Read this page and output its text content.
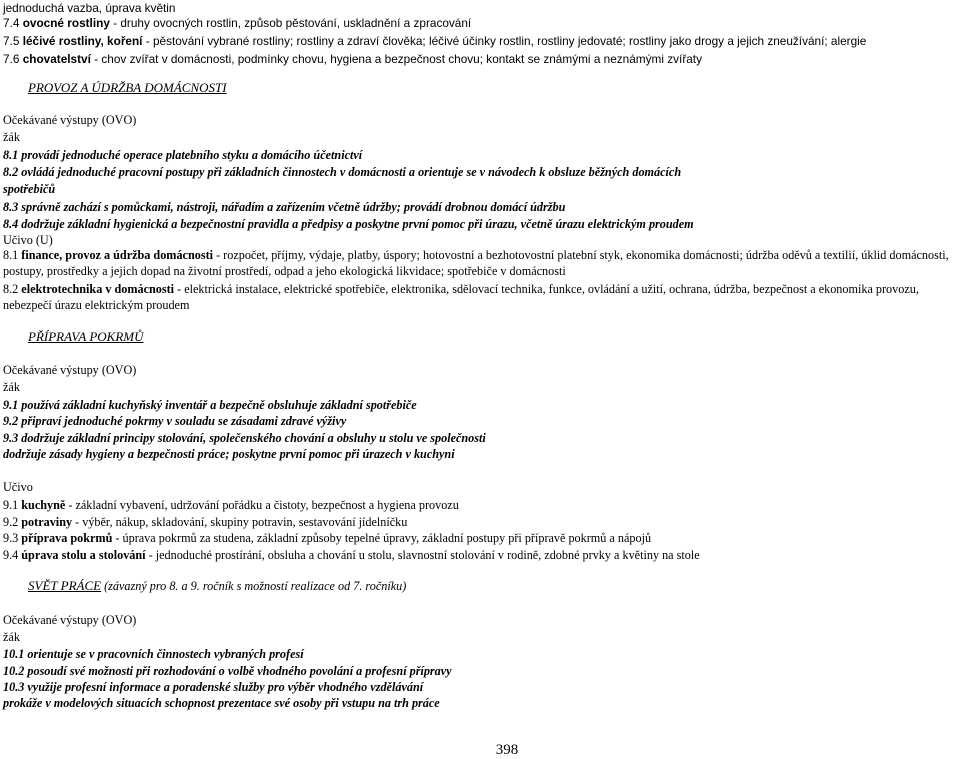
jednoduchá vazba, úprava květin
7.4 ovocné rostliny - druhy ovocných rostlin, způsob pěstování, uskladnění a zpracování
7.5 léčivé rostliny, koření - pěstování vybrané rostliny; rostliny a zdraví člověka; léčivé účinky rostlin, rostliny jedovaté; rostliny jako drogy a jejich zneužívání; alergie
7.6 chovatelství - chov zvířat v domácnosti, podmínky chovu, hygiena a bezpečnost chovu; kontakt se známými a neznámými zvířaty
PROVOZ A ÚDRŽBA DOMÁCNOSTI
Očekávané výstupy (OVO)
žák
8.1 provádí jednoduché operace platebního styku a domácího účetnictví
8.2 ovládá jednoduché pracovní postupy při základních činnostech v domácnosti a orientuje se v návodech k obsluze běžných domácích
spotřebičů
8.3 správně zachází s pomůckami, nástroji, nářadím a zařízením včetně údržby; provádí drobnou domácí údržbu
8.4 dodržuje základní hygienická a bezpečnostní pravidla a předpisy a poskytne první pomoc při úrazu, včetně úrazu elektrickým proudem
Učivo (U)
8.1 finance, provoz a údržba domácnosti - rozpočet, příjmy, výdaje, platby, úspory; hotovostní a bezhotovostní platební styk, ekonomika domácnosti; údržba oděvů a textilií, úklid domácnosti, postupy, prostředky a jejich dopad na životní prostředí, odpad a jeho ekologická likvidace; spotřebiče v domácnosti
8.2 elektrotechnika v domácnosti - elektrická instalace, elektrické spotřebiče, elektronika, sdělovací technika, funkce, ovládání a užití, ochrana, údržba, bezpečnost a ekonomika provozu, nebezpečí úrazu elektrickým proudem
PŘÍPRAVA POKRMŮ
Očekávané výstupy (OVO)
žák
9.1 používá základní kuchyňský inventář a bezpečně obsluhuje základní spotřebiče
9.2 připraví jednoduché pokrmy v souladu se zásadami zdravé výživy
9.3 dodržuje základní principy stolování, společenského chování a obsluhy u stolu ve společnosti
dodržuje zásady hygieny a bezpečnosti práce; poskytne první pomoc při úrazech v kuchyni
Učivo
9.1 kuchyně - základní vybavení, udržování pořádku a čistoty, bezpečnost a hygiena provozu
9.2 potraviny - výběr, nákup, skladování, skupiny potravin, sestavování jídelníčku
9.3 příprava pokrmů - úprava pokrmů za studena, základní způsoby tepelné úpravy, základní postupy při přípravě pokrmů a nápojů
9.4 úprava stolu a stolování - jednoduché prostírání, obsluha a chování u stolu, slavnostní stolování v rodině, zdobné prvky a květiny na stole
SVĚT PRÁCE (závazný pro 8. a 9. ročník s možností realizace od 7. ročníku)
Očekávané výstupy (OVO)
žák
10.1 orientuje se v pracovních činnostech vybraných profesí
10.2 posoudí své možnosti při rozhodování o volbě vhodného povolání a profesní přípravy
10.3 využije profesní informace a poradenské služby pro výběr vhodného vzdělávání
prokáže v modelových situacích schopnost prezentace své osoby při vstupu na trh práce
398
